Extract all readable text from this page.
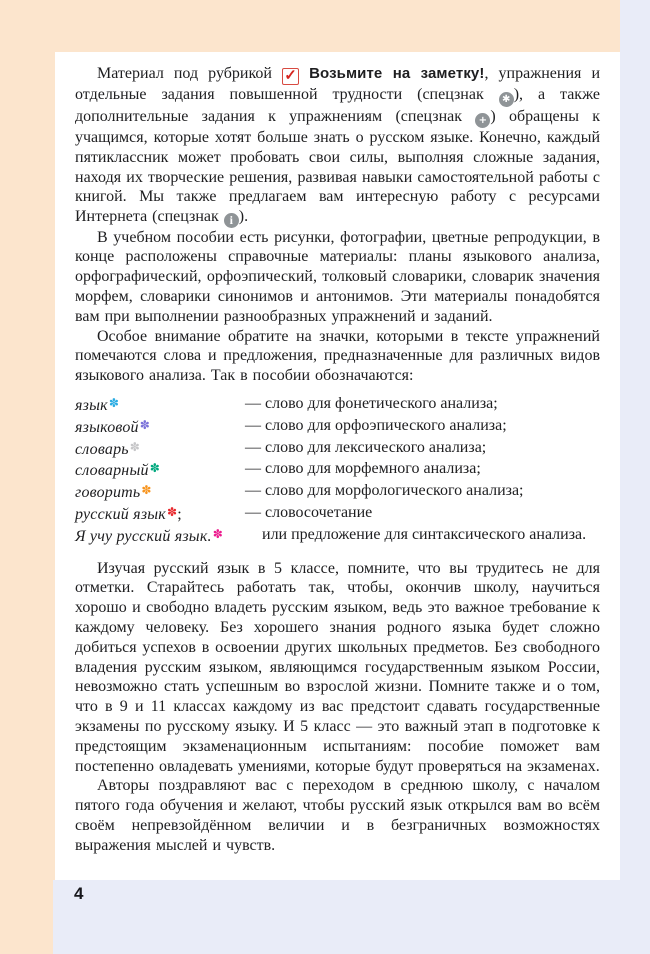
Материал под рубрикой ✓ Возьмите на заметку!, упражнения и отдельные задания повышенной трудности (спецзнак ✱ ), а также дополнительные задания к упражнениям (спецзнак + ) обращены к учащимся, которые хотят больше знать о русском языке. Конечно, каждый пятиклассник может пробовать свои силы, выполняя сложные задания, находя их творческие решения, развивая навыки самостоятельной работы с книгой. Мы также предлагаем вам интересную работу с ресурсами Интернета (спецзнак i ).

В учебном пособии есть рисунки, фотографии, цветные репродукции, в конце расположены справочные материалы: планы языкового анализа, орфографический, орфоэпический, толковый словарики, словарик значения морфем, словарики синонимов и антонимов. Эти материалы понадобятся вам при выполнении разнообразных упражнений и заданий.

Особое внимание обратите на значки, которыми в тексте упражнений помечаются слова и предложения, предназначенные для различных видов языкового анализа. Так в пособии обозначаются:

язык✽	— слово для фонетического анализа;
языковой✽	— слово для орфоэпического анализа;
словарь✽	— слово для лексического анализа;
словарный✽	— слово для морфемного анализа;
говорить✽	— слово для морфологического анализа;
русский язык✽;	— словосочетание
Я учу русский язык.✽	или предложение для синтаксического анализа.

Изучая русский язык в 5 классе, помните, что вы трудитесь не для отметки. Старайтесь работать так, чтобы, окончив школу, научиться хорошо и свободно владеть русским языком, ведь это важное требование к каждому человеку. Без хорошего знания родного языка будет сложно добиться успехов в освоении других школьных предметов. Без свободного владения русским языком, являющимся государственным языком России, невозможно стать успешным во взрослой жизни. Помните также и о том, что в 9 и 11 классах каждому из вас предстоит сдавать государственные экзамены по русскому языку. И 5 класс — это важный этап в подготовке к предстоящим экзаменационным испытаниям: пособие поможет вам постепенно овладевать умениями, которые будут проверяться на экзаменах.

Авторы поздравляют вас с переходом в среднюю школу, с началом пятого года обучения и желают, чтобы русский язык открылся вам во всём своём непревзойдённом величии и в безграничных возможностях выражения мыслей и чувств.

4
